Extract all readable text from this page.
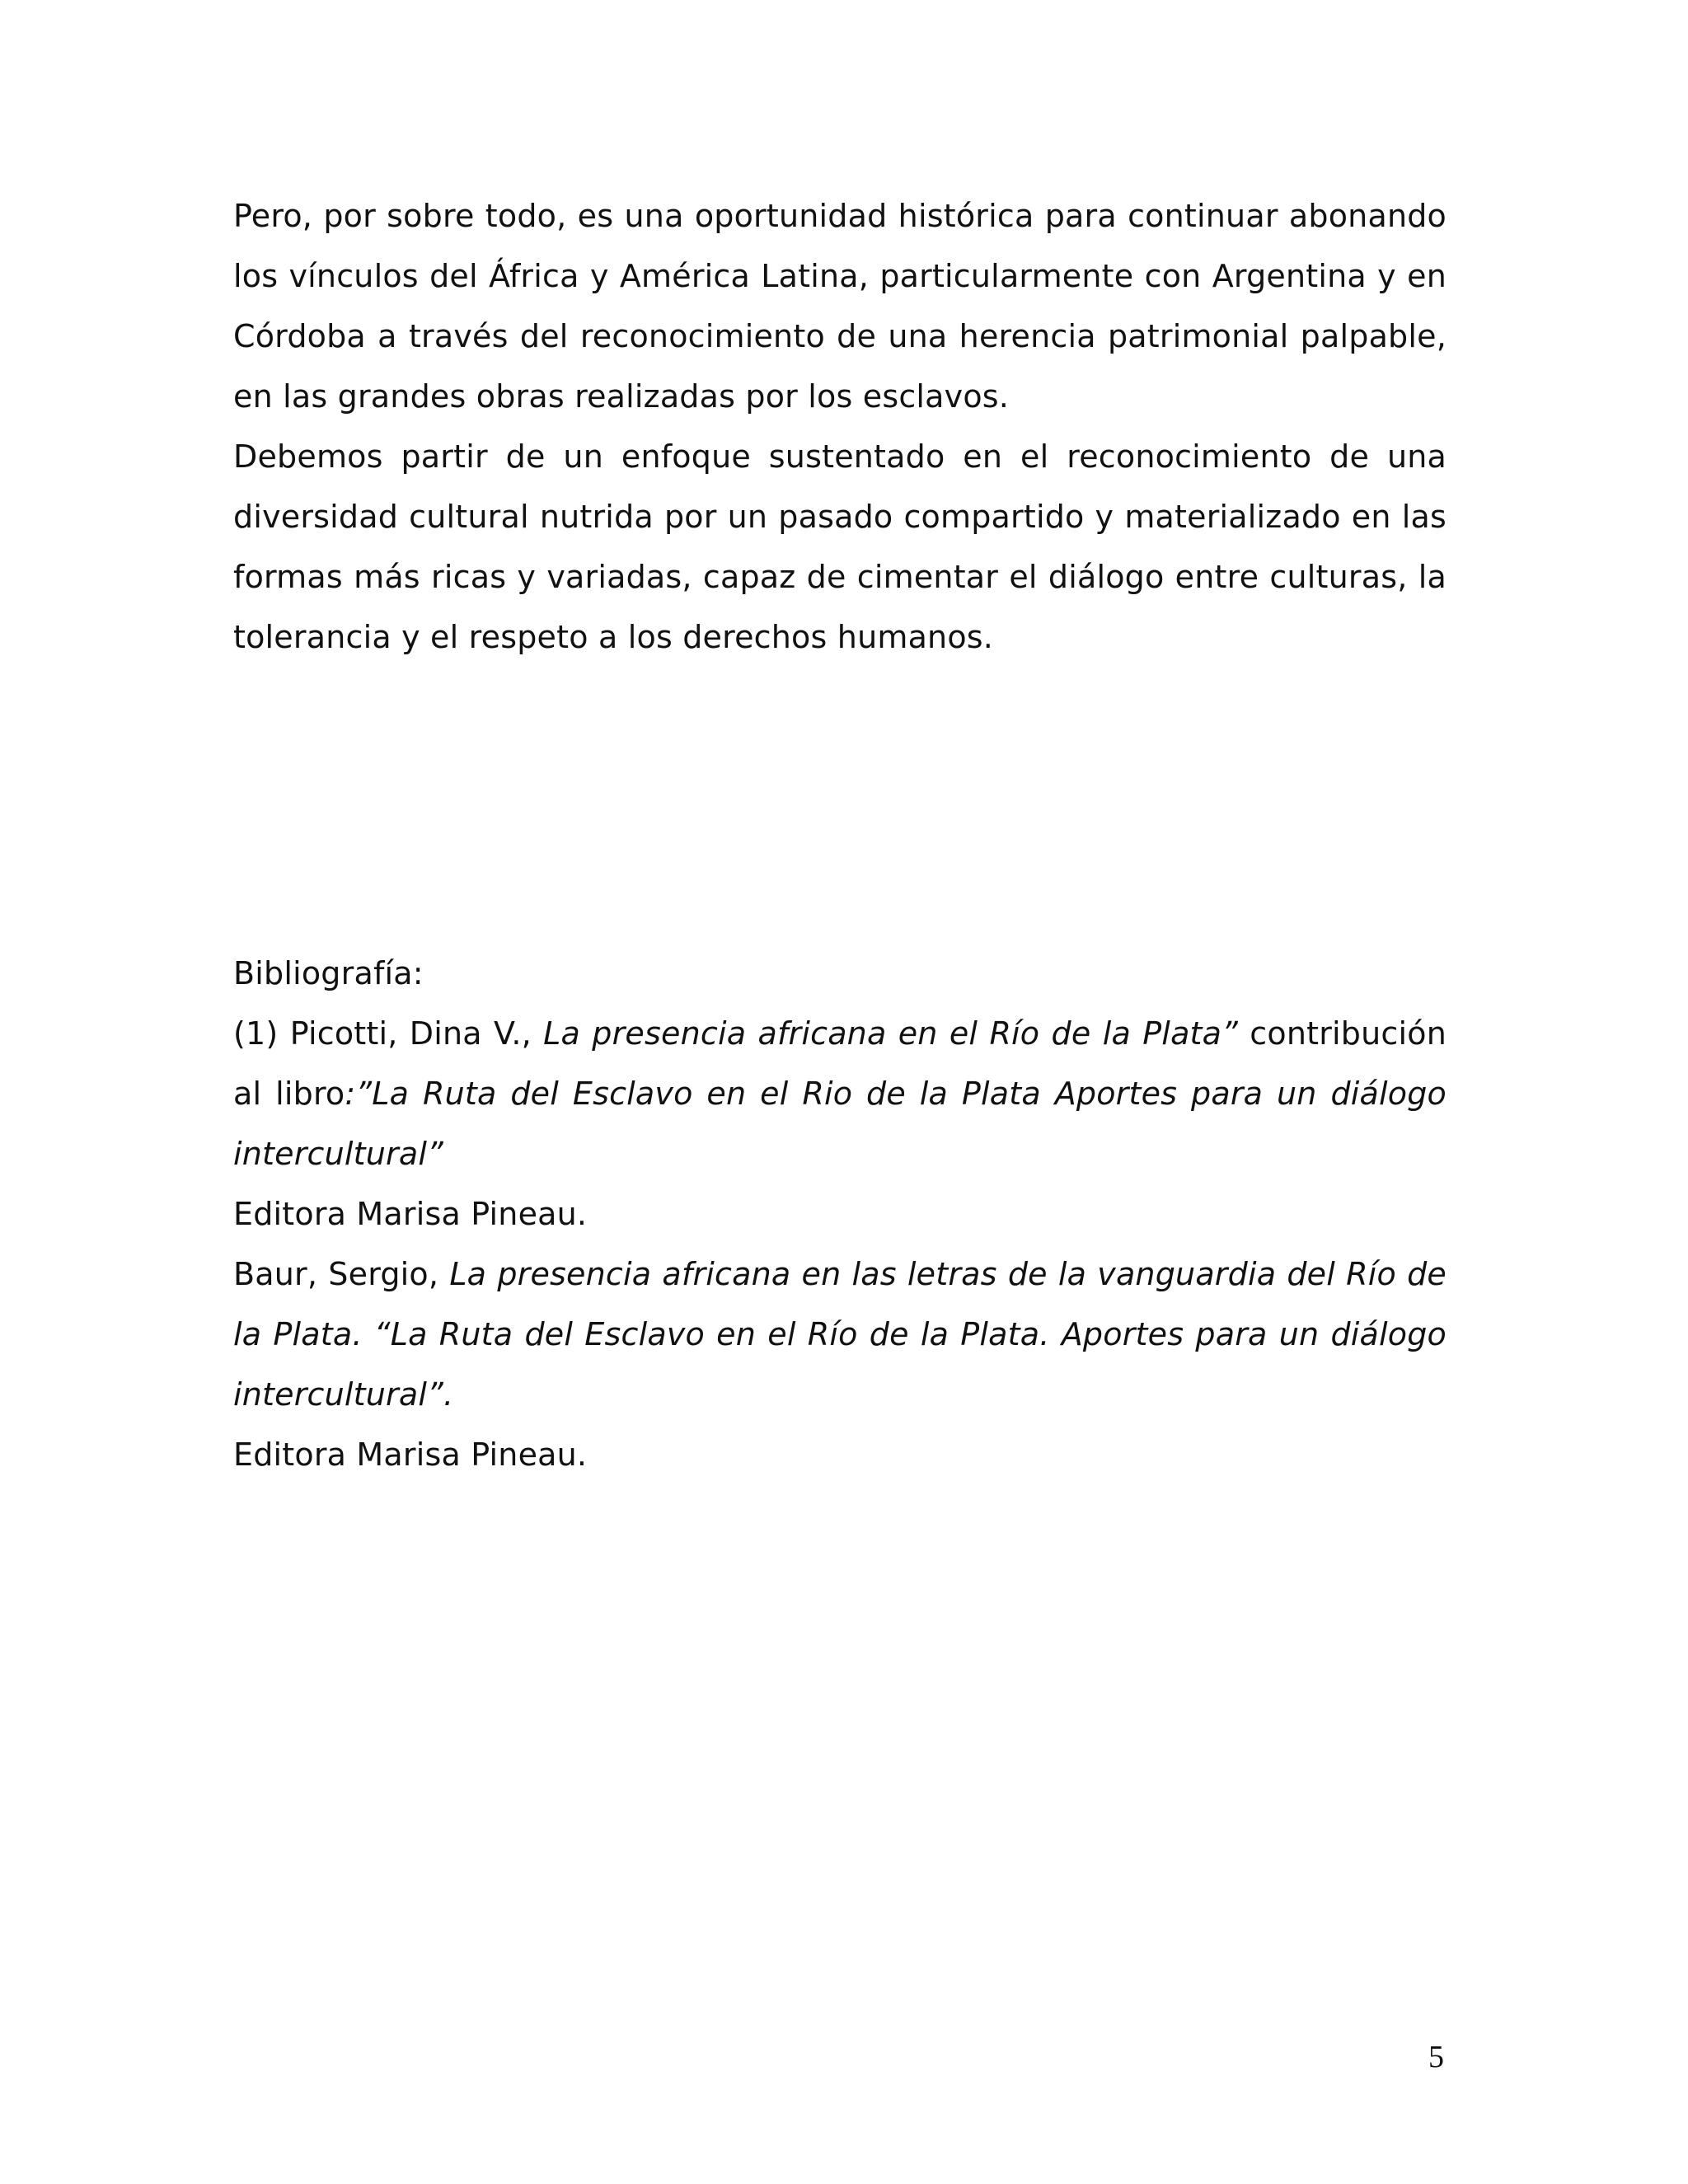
Pero, por sobre todo, es una oportunidad histórica para continuar abonando los vínculos del África y América Latina, particularmente con Argentina y en Córdoba a través del reconocimiento de una herencia patrimonial palpable, en las grandes obras realizadas por los esclavos.

Debemos partir de un enfoque sustentado en el reconocimiento de una diversidad cultural nutrida por un pasado compartido y materializado en las formas más ricas y variadas, capaz de cimentar el diálogo entre culturas, la tolerancia y el respeto a los derechos humanos.

Bibliografía:

(1) Picotti, Dina V., La presencia africana en el Río de la Plata” contribución al libro:”La Ruta del Esclavo en el Rio de la Plata Aportes para un diálogo intercultural”

Editora Marisa Pineau.

Baur, Sergio, La presencia africana en las letras de la vanguardia del Río de la Plata. “La Ruta del Esclavo en el Río de la Plata. Aportes para un diálogo intercultural”.

Editora Marisa Pineau.

5
